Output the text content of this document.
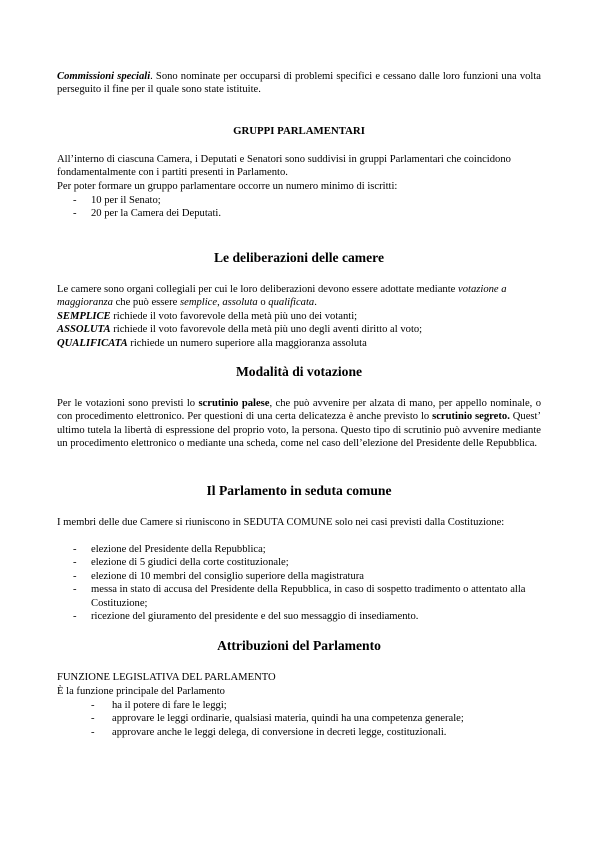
Commissioni speciali. Sono nominate per occuparsi di problemi specifici e cessano dalle loro funzioni una volta perseguito il fine per il quale sono state istituite.

GRUPPI PARLAMENTARI

All’interno di ciascuna Camera, i Deputati e Senatori sono suddivisi in gruppi Parlamentari che coincidono fondamentalmente con i partiti presenti in Parlamento.

Per poter formare un gruppo parlamentare occorre un numero minimo di iscritti:

- 10 per il Senato;
- 20 per la Camera dei Deputati.
Le deliberazioni delle camere

Le camere sono organi collegiali per cui le loro deliberazioni devono essere adottate mediante votazione a maggioranza che può essere semplice, assoluta o qualificata.

SEMPLICE richiede il voto favorevole della metà più uno dei votanti;

ASSOLUTA richiede il voto favorevole della metà più uno degli aventi diritto al voto;

QUALIFICATA richiede un numero superiore alla maggioranza assoluta

Modalità di votazione

Per le votazioni sono previsti lo scrutinio palese, che può avvenire per alzata di mano, per appello nominale, o con procedimento elettronico. Per questioni di una certa delicatezza è anche previsto lo scrutinio segreto. Quest’ ultimo tutela la libertà di espressione del proprio voto, la persona. Questo tipo di scrutinio può avvenire mediante un procedimento elettronico o mediante una scheda, come nel caso dell’elezione del Presidente delle Repubblica.

Il Parlamento in seduta comune

I membri delle due Camere si riuniscono in SEDUTA COMUNE solo nei casi previsti dalla Costituzione:

- elezione del Presidente della Repubblica;
- elezione di 5 giudici della corte costituzionale;
- elezione di 10 membri del consiglio superiore della magistratura
- messa in stato di accusa del Presidente della Repubblica, in caso di sospetto tradimento o attentato alla Costituzione;
- ricezione del giuramento del presidente e del suo messaggio di insediamento.
Attribuzioni del Parlamento

FUNZIONE LEGISLATIVA DEL PARLAMENTO

È la funzione principale del Parlamento

- ha il potere di fare le leggi;
- approvare le leggi ordinarie, qualsiasi materia, quindi ha una competenza generale;
- approvare anche le leggi delega, di conversione in decreti legge, costituzionali.
